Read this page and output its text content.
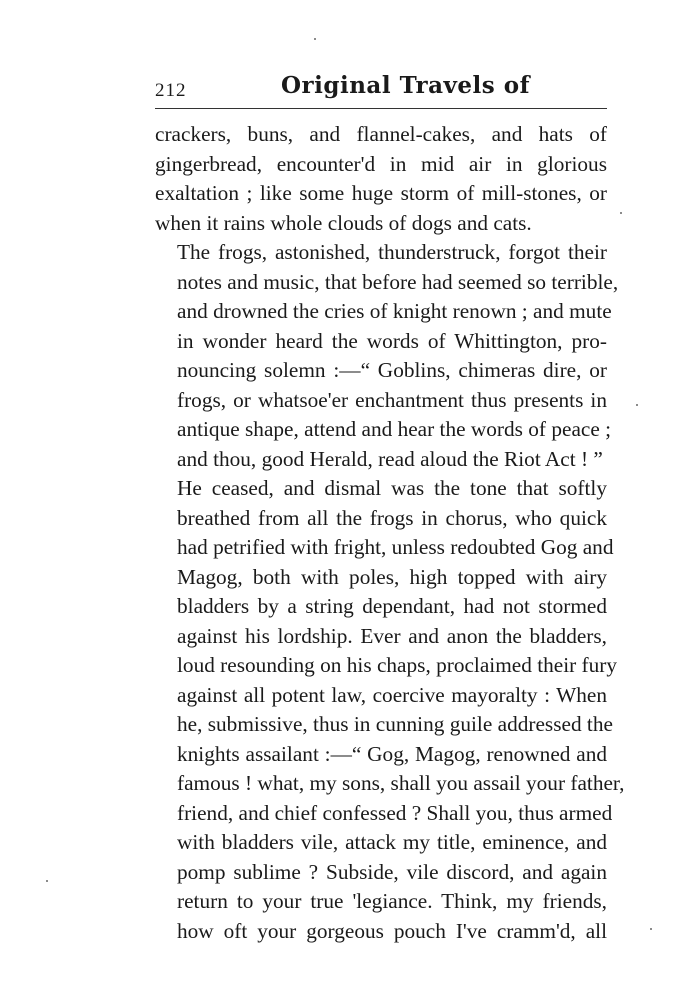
212	Original Travels of

crackers, buns, and flannel-cakes, and hats of
gingerbread, encounter'd in mid air in glorious
exaltation ; like some huge storm of mill-stones, or
when it rains whole clouds of dogs and cats.

The frogs, astonished, thunderstruck, forgot their
notes and music, that before had seemed so terrible,
and drowned the cries of knight renown ; and mute
in wonder heard the words of Whittington, pro-
nouncing solemn :—“ Goblins, chimeras dire, or
frogs, or whatsoe'er enchantment thus presents in
antique shape, attend and hear the words of peace ;
and thou, good Herald, read aloud the Riot Act ! ”

He ceased, and dismal was the tone that softly
breathed from all the frogs in chorus, who quick
had petrified with fright, unless redoubted Gog and
Magog, both with poles, high topped with airy
bladders by a string dependant, had not stormed
against his lordship. Ever and anon the bladders,
loud resounding on his chaps, proclaimed their fury
against all potent law, coercive mayoralty : When
he, submissive, thus in cunning guile addressed the
knights assailant :—“ Gog, Magog, renowned and
famous ! what, my sons, shall you assail your father,
friend, and chief confessed ? Shall you, thus armed
with bladders vile, attack my title, eminence, and
pomp sublime ? Subside, vile discord, and again
return to your true 'legiance. Think, my friends,
how oft your gorgeous pouch I've cramm'd, all
